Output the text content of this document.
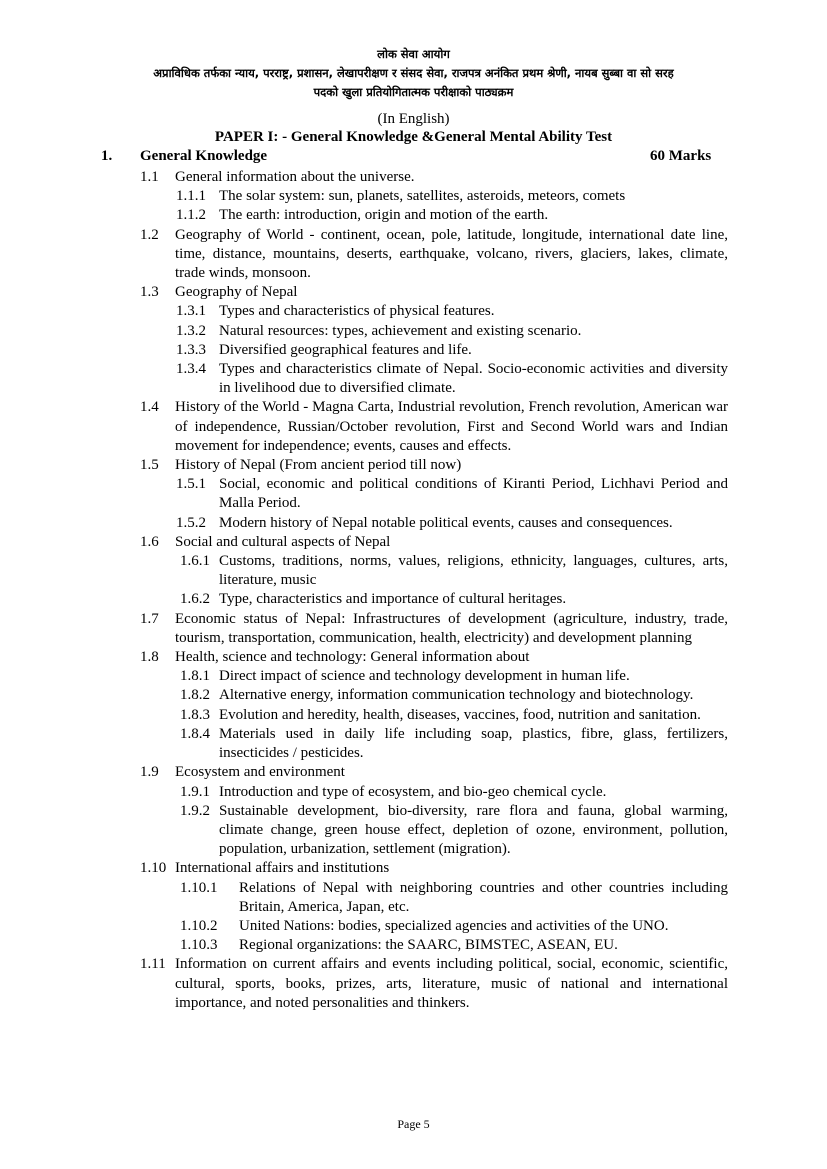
लोक सेवा आयोग
अप्राविधिक तर्फका न्याय, परराष्ट्र, प्रशासन, लेखापरीक्षण र संसद सेवा, राजपत्र अनंकित प्रथम श्रेणी, नायब सुब्बा वा सो सरह
पदको खुला प्रतियोगितात्मक परीक्षाको पाठ्यक्रम
(In English)
PAPER I: - General Knowledge &General Mental Ability Test
1. General Knowledge	60 Marks
1.1 General information about the universe.
1.1.1 The solar system: sun, planets, satellites, asteroids, meteors, comets
1.1.2 The earth: introduction, origin and motion of the earth.
1.2 Geography of World - continent, ocean, pole, latitude, longitude, international date line, time, distance, mountains, deserts, earthquake, volcano, rivers, glaciers, lakes, climate, trade winds, monsoon.
1.3 Geography of Nepal
1.3.1 Types and characteristics of physical features.
1.3.2 Natural resources: types, achievement and existing scenario.
1.3.3 Diversified geographical features and life.
1.3.4 Types and characteristics climate of Nepal. Socio-economic activities and diversity in livelihood due to diversified climate.
1.4 History of the World - Magna Carta, Industrial revolution, French revolution, American war of independence, Russian/October revolution, First and Second World wars and Indian movement for independence; events, causes and effects.
1.5 History of Nepal (From ancient period till now)
1.5.1 Social, economic and political conditions of Kiranti Period, Lichhavi Period and Malla Period.
1.5.2 Modern history of Nepal notable political events, causes and consequences.
1.6 Social and cultural aspects of Nepal
1.6.1 Customs, traditions, norms, values, religions, ethnicity, languages, cultures, arts, literature, music
1.6.2 Type, characteristics and importance of cultural heritages.
1.7 Economic status of Nepal: Infrastructures of development (agriculture, industry, trade, tourism, transportation, communication, health, electricity) and development planning
1.8 Health, science and technology: General information about
1.8.1 Direct impact of science and technology development in human life.
1.8.2 Alternative energy, information communication technology and biotechnology.
1.8.3 Evolution and heredity, health, diseases, vaccines, food, nutrition and sanitation.
1.8.4 Materials used in daily life including soap, plastics, fibre, glass, fertilizers, insecticides / pesticides.
1.9 Ecosystem and environment
1.9.1 Introduction and type of ecosystem, and bio-geo chemical cycle.
1.9.2 Sustainable development, bio-diversity, rare flora and fauna, global warming, climate change, green house effect, depletion of ozone, environment, pollution, population, urbanization, settlement (migration).
1.10 International affairs and institutions
1.10.1 Relations of Nepal with neighboring countries and other countries including Britain, America, Japan, etc.
1.10.2 United Nations: bodies, specialized agencies and activities of the UNO.
1.10.3 Regional organizations: the SAARC, BIMSTEC, ASEAN, EU.
1.11 Information on current affairs and events including political, social, economic, scientific, cultural, sports, books, prizes, arts, literature, music of national and international importance, and noted personalities and thinkers.
Page 5
